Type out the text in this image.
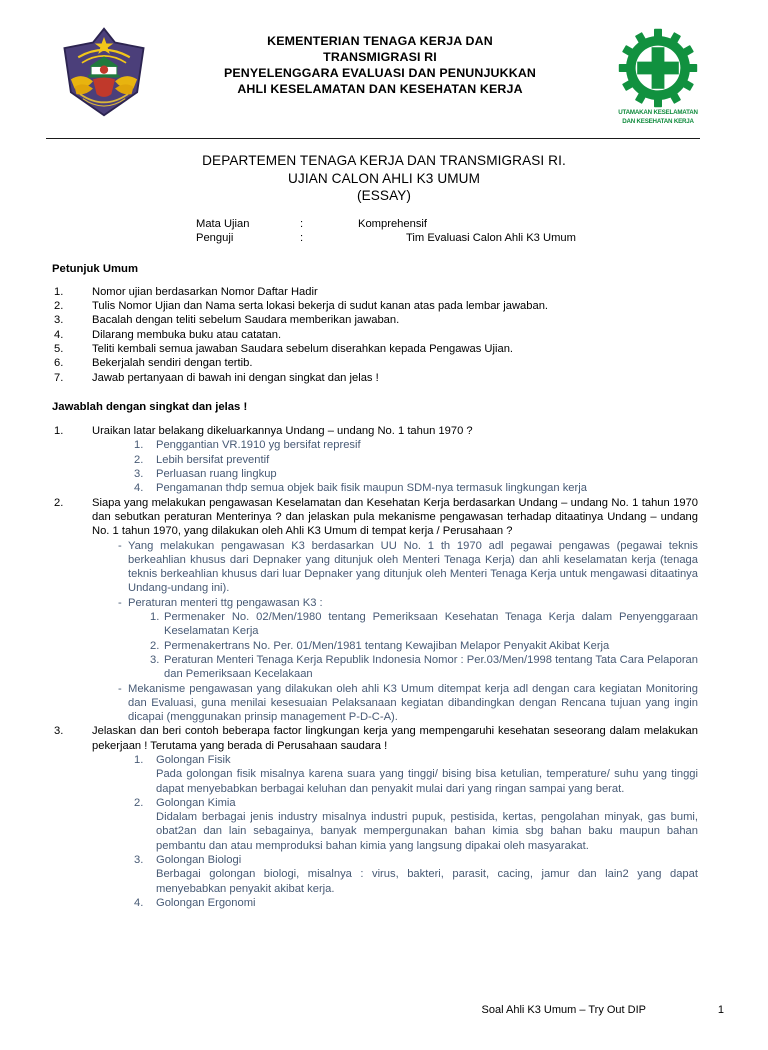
KEMENTERIAN TENAGA KERJA DAN
TRANSMIGRASI RI
PENYELENGGARA EVALUASI DAN PENUNJUKKAN
AHLI KESELAMATAN DAN KESEHATAN KERJA
UTAMAKAN KESELAMATAN
DAN KESEHATAN KERJA
DEPARTEMEN TENAGA KERJA DAN TRANSMIGRASI RI.
UJIAN CALON AHLI K3 UMUM
(ESSAY)
Mata Ujian	:	Komprehensif
Penguji	:	Tim Evaluasi Calon Ahli K3 Umum
Petunjuk Umum
1.	Nomor ujian berdasarkan Nomor Daftar Hadir
2.	Tulis Nomor Ujian dan Nama serta lokasi bekerja di sudut kanan atas pada lembar jawaban.
3.	Bacalah dengan teliti sebelum Saudara memberikan jawaban.
4.	Dilarang membuka buku atau catatan.
5.	Teliti kembali semua jawaban Saudara sebelum diserahkan kepada Pengawas Ujian.
6.	Bekerjalah sendiri dengan tertib.
7.	Jawab pertanyaan di bawah ini dengan singkat dan jelas !
Jawablah dengan singkat dan jelas !
1.	Uraikan latar belakang dikeluarkannya Undang – undang No. 1 tahun 1970 ?
1.	Penggantian VR.1910 yg bersifat represif
2.	Lebih bersifat preventif
3.	Perluasan ruang lingkup
4.	Pengamanan thdp semua objek baik fisik maupun SDM-nya termasuk lingkungan kerja
2.	Siapa yang melakukan pengawasan Keselamatan dan Kesehatan Kerja berdasarkan Undang – undang No. 1 tahun 1970 dan sebutkan peraturan Menterinya ? dan jelaskan pula mekanisme pengawasan terhadap ditaatinya Undang – undang No. 1 tahun 1970, yang dilakukan oleh Ahli K3 Umum di tempat kerja / Perusahaan ?
- Yang melakukan pengawasan K3 berdasarkan UU No. 1 th 1970 adl pegawai pengawas (pegawai teknis berkeahlian khusus dari Depnaker yang ditunjuk oleh Menteri Tenaga Kerja) dan ahli keselamatan kerja (tenaga teknis berkeahlian khusus dari luar Depnaker yang ditunjuk oleh Menteri Tenaga Kerja untuk mengawasi ditaatinya Undang-undang ini).
- Peraturan menteri ttg pengawasan K3 :
1. Permenaker No. 02/Men/1980 tentang Pemeriksaan Kesehatan Tenaga Kerja dalam Penyenggaraan Keselamatan Kerja
2. Permenakertrans No. Per. 01/Men/1981 tentang Kewajiban Melapor Penyakit Akibat Kerja
3. Peraturan Menteri Tenaga Kerja Republik Indonesia Nomor : Per.03/Men/1998 tentang Tata Cara Pelaporan dan Pemeriksaan Kecelakaan
- Mekanisme pengawasan yang dilakukan oleh ahli K3 Umum ditempat kerja adl dengan cara kegiatan Monitoring dan Evaluasi, guna menilai kesesuaian Pelaksanaan kegiatan dibandingkan dengan Rencana tujuan yang ingin dicapai (menggunakan prinsip management P-D-C-A).
3.	Jelaskan dan beri contoh beberapa factor lingkungan kerja yang mempengaruhi kesehatan seseorang dalam melakukan pekerjaan ! Terutama yang berada di Perusahaan saudara !
1.	Golongan Fisik
Pada golongan fisik misalnya karena suara yang tinggi/ bising bisa ketulian, temperature/ suhu yang tinggi dapat menyebabkan berbagai keluhan dan penyakit mulai dari yang ringan sampai yang berat.
2.	Golongan Kimia
Didalam berbagai jenis industry misalnya industri pupuk, pestisida, kertas, pengolahan minyak, gas bumi, obat2an dan lain sebagainya, banyak mempergunakan bahan kimia sbg bahan baku maupun bahan pembantu dan atau memproduksi bahan kimia yang langsung dipakai oleh masyarakat.
3.	Golongan Biologi
Berbagai golongan biologi, misalnya : virus, bakteri, parasit, cacing, jamur dan lain2 yang dapat menyebabkan penyakit akibat kerja.
4.	Golongan Ergonomi
Soal Ahli K3 Umum – Try Out DIP	1
